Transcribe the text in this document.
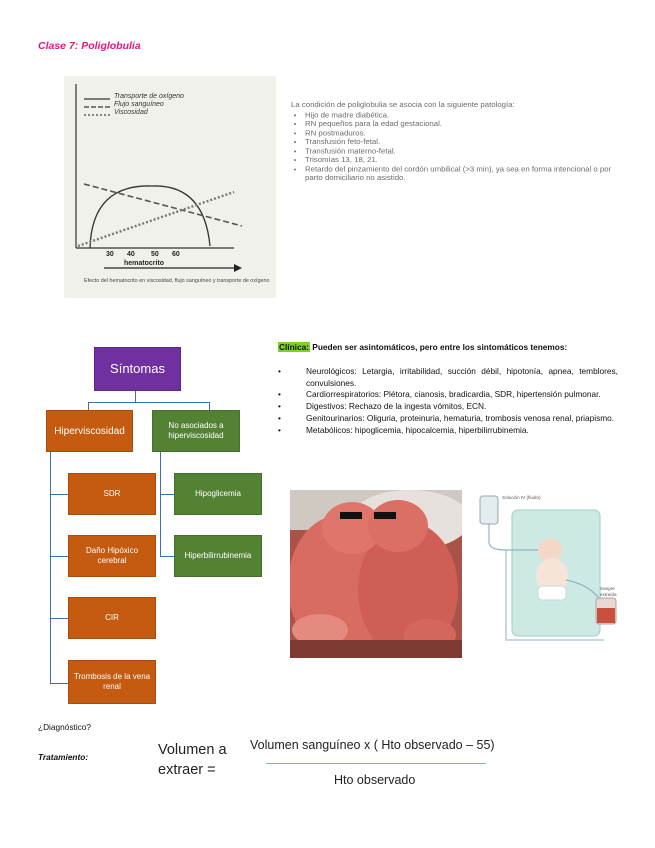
Clase 7: Poliglobulia
Transporte de oxígeno
Flujo sanguíneo
Viscosidad
30 40 50 60
hematocrito
Efecto del hematocrito en viscosidad, flujo sanguíneo y transporte de oxígeno
La condición de poliglobulia se asocia con la siguiente patología:
• Hijo de madre diabética.
• RN pequeños para la edad gestacional.
• RN postmaduros.
• Transfusión feto-fetal.
• Transfusión materno-fetal.
• Trisomías 13, 18, 21.
• Retardo del pinzamiento del cordón umbilical (>3 min), ya sea en forma intencional o por parto domiciliario no asistido.
Síntomas
Hiperviscosidad
No asociados a hiperviscosidad
SDR
Daño Hipóxico cerebral
CIR
Trombosis de la vena renal
Hipoglicemia
Hiperbilirrubinemia
Clínica: Pueden ser asintomáticos, pero entre los sintomáticos tenemos:
• Neurológicos: Letargia, irritabilidad, succión débil, hipotonía, apnea, temblores, convulsiones.
• Cardiorrespiratorios: Plétora, cianosis, bradicardia, SDR, hipertensión pulmonar.
• Digestivos: Rechazo de la ingesta vómitos, ECN.
• Genitourinarios: Oliguria, proteinuria, hematuria, trombosis venosa renal, priapismo.
• Metabólicos: hipoglicemia, hipocalcemia, hiperbilirrubinemia.
Solución IV (fluido)
Sangre extraída
¿Diagnóstico?
Tratamiento:	Volumen a
extraer =
Volumen sanguíneo x ( Hto observado – 55)
Hto observado
